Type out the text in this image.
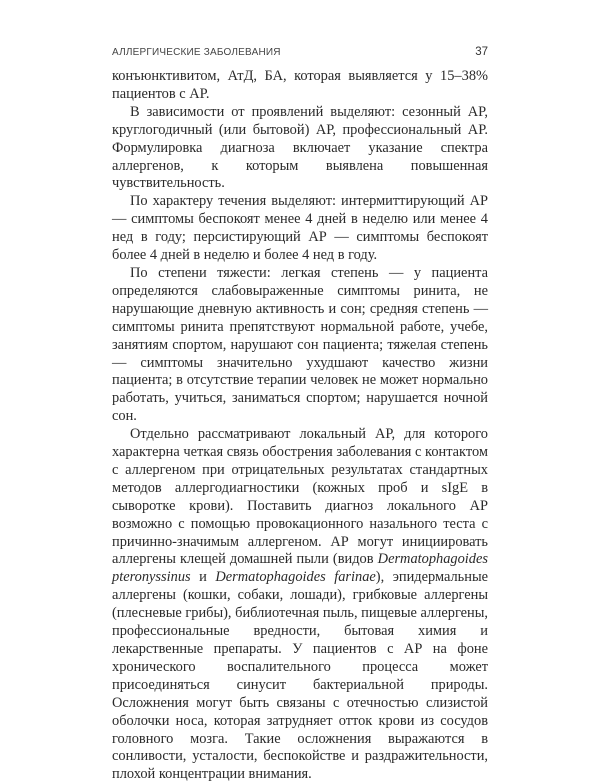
АЛЛЕРГИЧЕСКИЕ ЗАБОЛЕВАНИЯ	37

конъюнктивитом, АтД, БА, которая выявляется у 15–38% пациентов с АР.

В зависимости от проявлений выделяют: сезонный АР, круглогодичный (или бытовой) АР, профессиональный АР. Формулировка диагноза включает указание спектра аллергенов, к которым выявлена повышенная чувствительность.

По характеру течения выделяют: интермиттирующий АР — симптомы беспокоят менее 4 дней в неделю или менее 4 нед в году; персистирующий АР — симптомы беспокоят более 4 дней в неделю и более 4 нед в году.

По степени тяжести: легкая степень — у пациента определяются слабовыраженные симптомы ринита, не нарушающие дневную активность и сон; средняя степень — симптомы ринита препятствуют нормальной работе, учебе, занятиям спортом, нарушают сон пациента; тяжелая степень — симптомы значительно ухудшают качество жизни пациента; в отсутствие терапии человек не может нормально работать, учиться, заниматься спортом; нарушается ночной сон.

Отдельно рассматривают локальный АР, для которого характерна четкая связь обострения заболевания с контактом с аллергеном при отрицательных результатах стандартных методов аллергодиагностики (кожных проб и sIgE в сыворотке крови). Поставить диагноз локального АР возможно с помощью провокационного назального теста с причинно-значимым аллергеном. АР могут инициировать аллергены клещей домашней пыли (видов Dermatophagoides pteronyssinus и Dermatophagoides farinae), эпидермальные аллергены (кошки, собаки, лошади), грибковые аллергены (плесневые грибы), библиотечная пыль, пищевые аллергены, профессиональные вредности, бытовая химия и лекарственные препараты. У пациентов с АР на фоне хронического воспалительного процесса может присоединяться синусит бактериальной природы. Осложнения могут быть связаны с отечностью слизистой оболочки носа, которая затрудняет отток крови из сосудов головного мозга. Такие осложнения выражаются в сонливости, усталости, беспокойстве и раздражительности, плохой концентрации внимания.
